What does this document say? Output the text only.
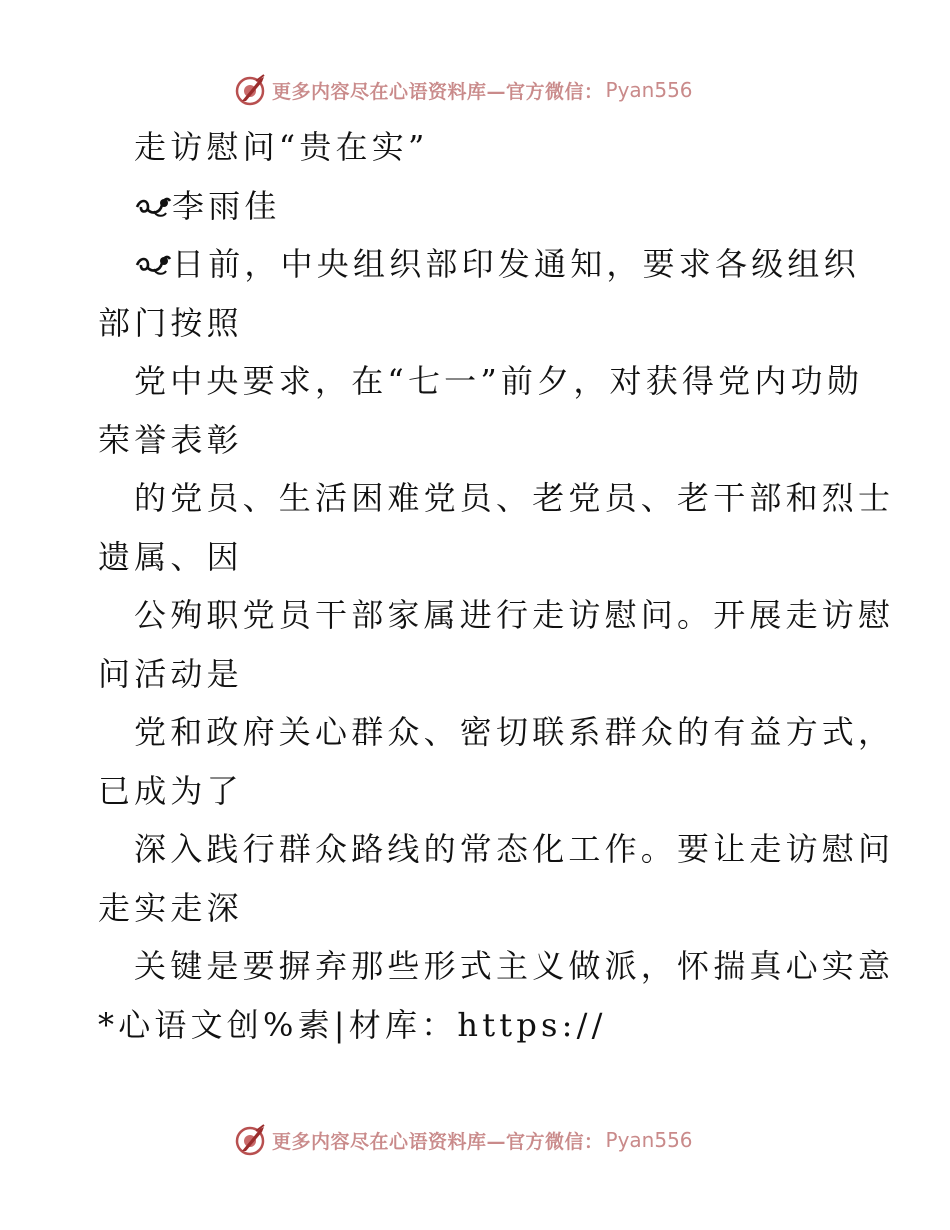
更多内容尽在心语资料库—官方微信： Pyan556
走访慰问“贵在实”
李雨佳
日前，中央组织部印发通知，要求各级组织
部门按照
党中央要求，在“七一”前夕，对获得党内功勋
荣誉表彰
的党员、生活困难党员、老党员、老干部和烈士
遗属、因
公殉职党员干部家属进行走访慰问。开展走访慰
问活动是
党和政府关心群众、密切联系群众的有益方式，
已成为了
深入践行群众路线的常态化工作。要让走访慰问
走实走深
关键是要摒弃那些形式主义做派，怀揣真心实意
*心语文创%素|材库：https://
更多内容尽在心语资料库—官方微信： Pyan556
